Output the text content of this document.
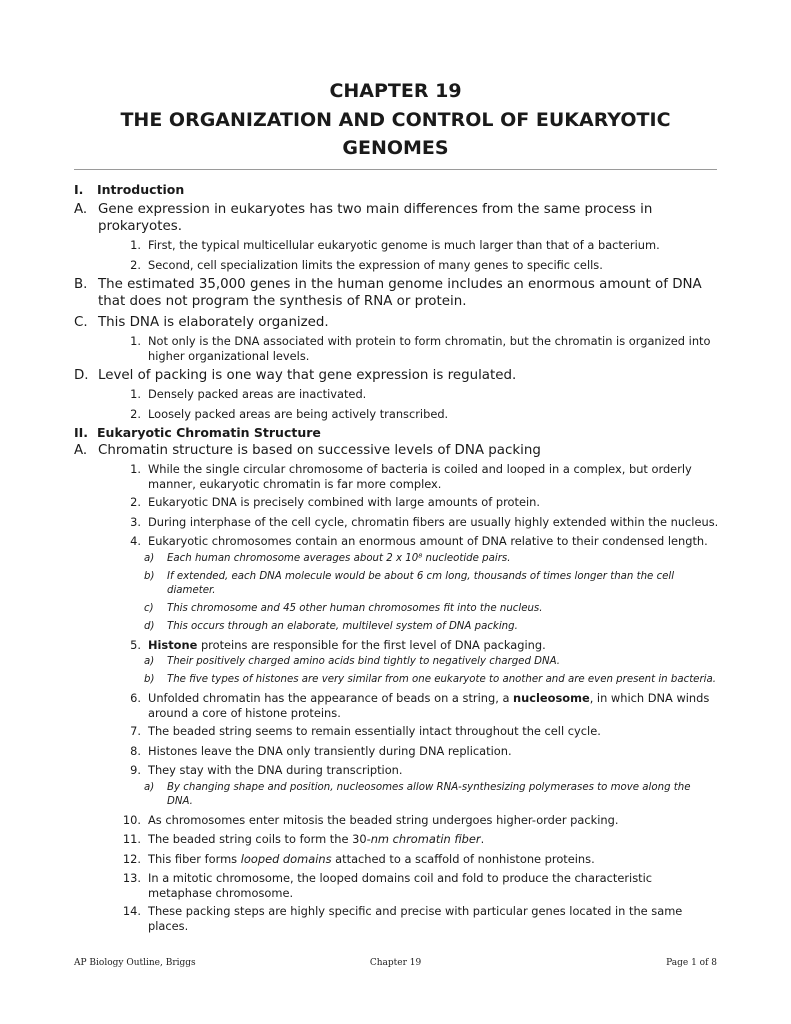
CHAPTER 19
THE ORGANIZATION AND CONTROL OF EUKARYOTIC
GENOMES

I.	Introduction

A. Gene expression in eukaryotes has two main differences from the same process in prokaryotes.

1. First, the typical multicellular eukaryotic genome is much larger than that of a bacterium.

2. Second, cell specialization limits the expression of many genes to specific cells.

B. The estimated 35,000 genes in the human genome includes an enormous amount of DNA that does not program the synthesis of RNA or protein.

C. This DNA is elaborately organized.

1. Not only is the DNA associated with protein to form chromatin, but the chromatin is organized into higher organizational levels.

D. Level of packing is one way that gene expression is regulated.

1. Densely packed areas are inactivated.

2. Loosely packed areas are being actively transcribed.

II. Eukaryotic Chromatin Structure

A. Chromatin structure is based on successive levels of DNA packing

1. While the single circular chromosome of bacteria is coiled and looped in a complex, but orderly manner, eukaryotic chromatin is far more complex.

2. Eukaryotic DNA is precisely combined with large amounts of protein.

3. During interphase of the cell cycle, chromatin fibers are usually highly extended within the nucleus.

4. Eukaryotic chromosomes contain an enormous amount of DNA relative to their condensed length.

a)	Each human chromosome averages about 2 x 10⁸ nucleotide pairs.

b)	If extended, each DNA molecule would be about 6 cm long, thousands of times longer than the cell diameter.

c)	This chromosome and 45 other human chromosomes fit into the nucleus.

d)	This occurs through an elaborate, multilevel system of DNA packing.

5. Histone proteins are responsible for the first level of DNA packaging.

a)	Their positively charged amino acids bind tightly to negatively charged DNA.

b)	The five types of histones are very similar from one eukaryote to another and are even present in bacteria.

6. Unfolded chromatin has the appearance of beads on a string, a nucleosome, in which DNA winds around a core of histone proteins.

7. The beaded string seems to remain essentially intact throughout the cell cycle.

8. Histones leave the DNA only transiently during DNA replication.

9. They stay with the DNA during transcription.

a)	By changing shape and position, nucleosomes allow RNA-synthesizing polymerases to move along the DNA.

10. As chromosomes enter mitosis the beaded string undergoes higher-order packing.

11. The beaded string coils to form the 30-nm chromatin fiber.

12. This fiber forms looped domains attached to a scaffold of nonhistone proteins.

13. In a mitotic chromosome, the looped domains coil and fold to produce the characteristic metaphase chromosome.

14. These packing steps are highly specific and precise with particular genes located in the same places.

AP Biology Outline, Briggs	Chapter 19	Page 1 of 8
